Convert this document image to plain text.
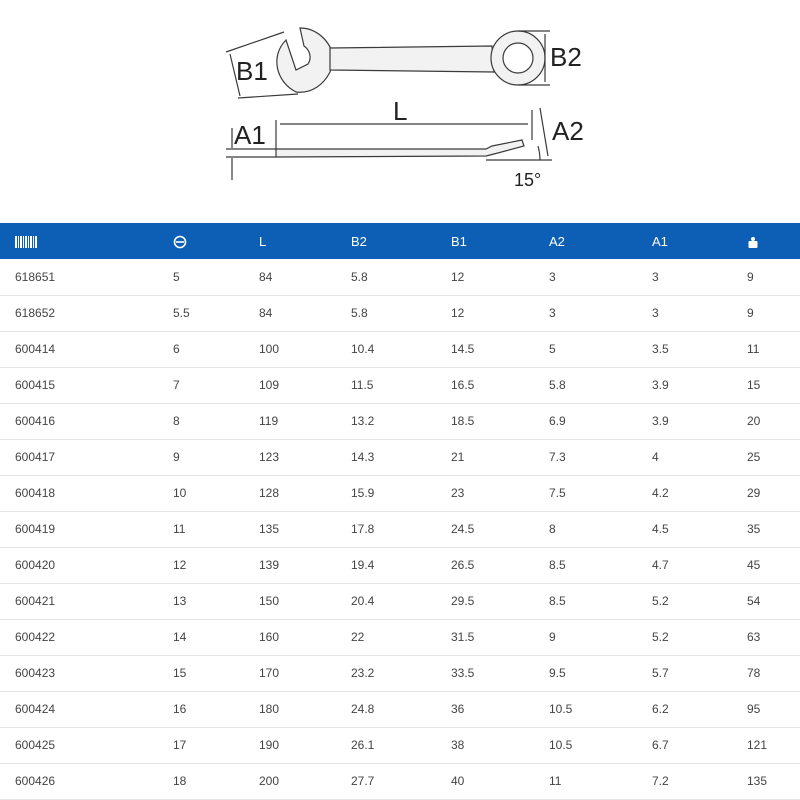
B1	B2
L
A1	A2
15°
		L	B2	B1	A2	A1	
618651	5	84	5.8	12	3	3	9
618652	5.5	84	5.8	12	3	3	9
600414	6	100	10.4	14.5	5	3.5	11
600415	7	109	11.5	16.5	5.8	3.9	15
600416	8	119	13.2	18.5	6.9	3.9	20
600417	9	123	14.3	21	7.3	4	25
600418	10	128	15.9	23	7.5	4.2	29
600419	11	135	17.8	24.5	8	4.5	35
600420	12	139	19.4	26.5	8.5	4.7	45
600421	13	150	20.4	29.5	8.5	5.2	54
600422	14	160	22	31.5	9	5.2	63
600423	15	170	23.2	33.5	9.5	5.7	78
600424	16	180	24.8	36	10.5	6.2	95
600425	17	190	26.1	38	10.5	6.7	121
600426	18	200	27.7	40	11	7.2	135
